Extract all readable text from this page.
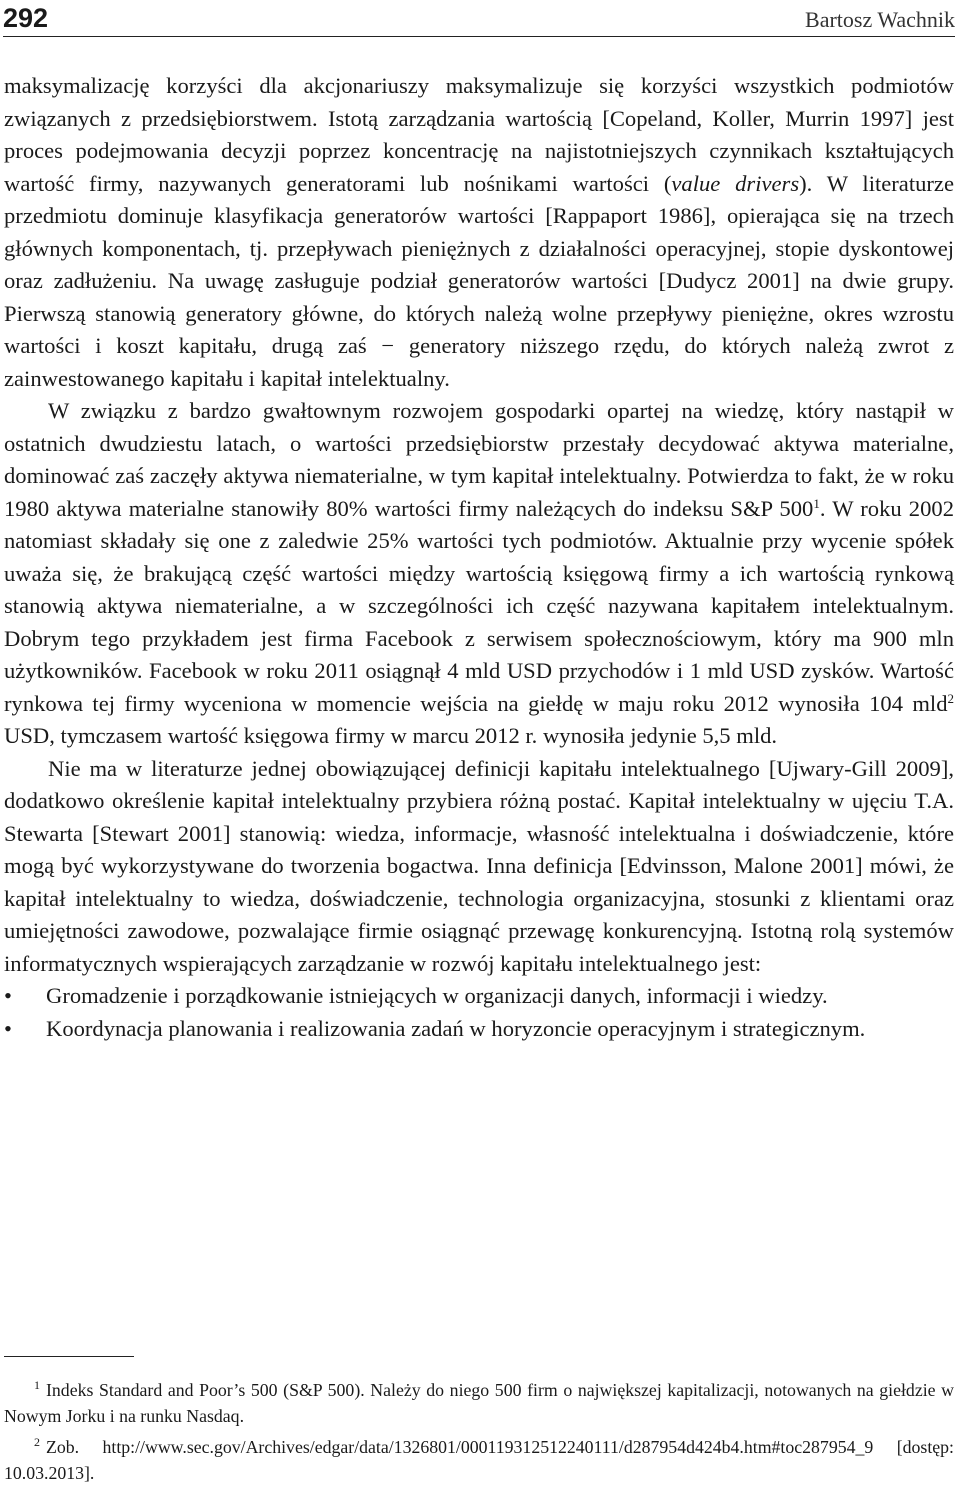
292	Bartosz Wachnik

maksymalizację korzyści dla akcjonariuszy maksymalizuje się korzyści wszystkich podmiotów związanych z przedsiębiorstwem. Istotą zarządzania wartością [Copeland, Koller, Murrin 1997] jest proces podejmowania decyzji poprzez koncentrację na najistotniejszych czynnikach kształtujących wartość firmy, nazywanych generatorami lub nośnikami wartości (value drivers). W literaturze przedmiotu dominuje klasyfikacja generatorów wartości [Rappaport 1986], opierająca się na trzech głównych komponentach, tj. przepływach pieniężnych z działalności operacyjnej, stopie dyskontowej oraz zadłużeniu. Na uwagę zasługuje podział generatorów wartości [Dudycz 2001] na dwie grupy. Pierwszą stanowią generatory główne, do których należą wolne przepływy pieniężne, okres wzrostu wartości i koszt kapitału, drugą zaś − generatory niższego rzędu, do których należą zwrot z zainwestowanego kapitału i kapitał intelektualny.

W związku z bardzo gwałtownym rozwojem gospodarki opartej na wiedzę, który nastąpił w ostatnich dwudziestu latach, o wartości przedsiębiorstw przestały decydować aktywa materialne, dominować zaś zaczęły aktywa niematerialne, w tym kapitał intelektualny. Potwierdza to fakt, że w roku 1980 aktywa materialne stanowiły 80% wartości firmy należących do indeksu S&P $500^1$. W roku 2002 natomiast składały się one z zaledwie 25% wartości tych podmiotów. Aktualnie przy wycenie spółek uważa się, że brakującą część wartości między wartością księgową firmy a ich wartością rynkową stanowią aktywa niematerialne, a w szczególności ich część nazywana kapitałem intelektualnym. Dobrym tego przykładem jest firma Facebook z serwisem społecznościowym, który ma 900 mln użytkowników. Facebook w roku 2011 osiągnął 4 mld USD przychodów i 1 mld USD zysków. Wartość rynkowa tej firmy wyceniona w momencie wejścia na giełdę w maju roku 2012 wynosiła 104 mld$^2$ USD, tymczasem wartość księgowa firmy w marcu 2012 r. wynosiła jedynie 5,5 mld.

Nie ma w literaturze jednej obowiązującej definicji kapitału intelektualnego [Ujwary-Gill 2009], dodatkowo określenie kapitał intelektualny przybiera różną postać. Kapitał intelektualny w ujęciu T.A. Stewarta [Stewart 2001] stanowią: wiedza, informacje, własność intelektualna i doświadczenie, które mogą być wykorzystywane do tworzenia bogactwa. Inna definicja [Edvinsson, Malone 2001] mówi, że kapitał intelektualny to wiedza, doświadczenie, technologia organizacyjna, stosunki z klientami oraz umiejętności zawodowe, pozwalające firmie osiągnąć przewagę konkurencyjną. Istotną rolą systemów informatycznych wspierających zarządzanie w rozwój kapitału intelektualnego jest:

• Gromadzenie i porządkowanie istniejących w organizacji danych, informacji i wiedzy.
• Koordynacja planowania i realizowania zadań w horyzoncie operacyjnym i strategicznym.

$^1$ Indeks Standard and Poor’s 500 (S&P 500). Należy do niego 500 firm o największej kapitalizacji, notowanych na giełdzie w Nowym Jorku i na runku Nasdaq.

$^2$ Zob. http://www.sec.gov/Archives/edgar/data/1326801/000119312512240111/d287954d424b4.htm#toc287954_9 [dostęp: 10.03.2013].
